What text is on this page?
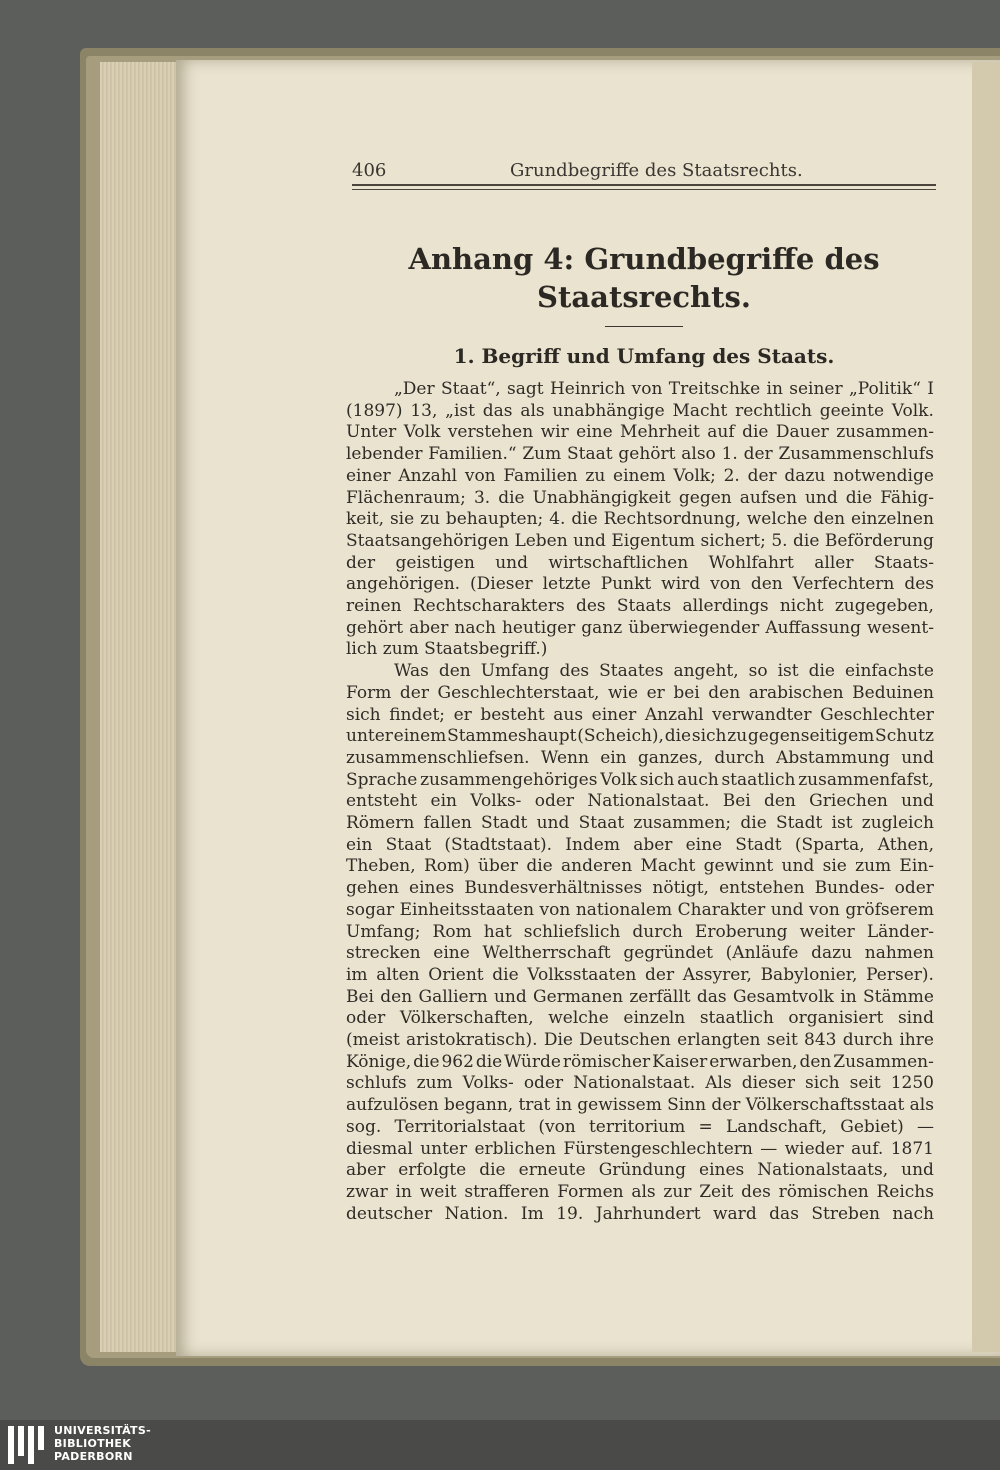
406	Grundbegriffe des Staatsrechts.
Anhang 4: Grundbegriffe des
Staatsrechts.
1. Begriff und Umfang des Staats.
„Der Staat“, sagt Heinrich von Treitschke in seiner „Politik“ I
(1897) 13, „ist das als unabhängige Macht rechtlich geeinte Volk.
Unter Volk verstehen wir eine Mehrheit auf die Dauer zusammen-
lebender Familien.“ Zum Staat gehört also 1. der Zusammenschlufs
einer Anzahl von Familien zu einem Volk; 2. der dazu notwendige
Flächenraum; 3. die Unabhängigkeit gegen aufsen und die Fähig-
keit, sie zu behaupten; 4. die Rechtsordnung, welche den einzelnen
Staatsangehörigen Leben und Eigentum sichert; 5. die Beförderung
der geistigen und wirtschaftlichen Wohlfahrt aller Staats-
angehörigen. (Dieser letzte Punkt wird von den Verfechtern des
reinen Rechtscharakters des Staats allerdings nicht zugegeben,
gehört aber nach heutiger ganz überwiegender Auffassung wesent-
lich zum Staatsbegriff.)
Was den Umfang des Staates angeht, so ist die einfachste
Form der Geschlechterstaat, wie er bei den arabischen Beduinen
sich findet; er besteht aus einer Anzahl verwandter Geschlechter
unter einem Stammeshaupt (Scheich), die sich zu gegenseitigem Schutz
zusammenschliefsen. Wenn ein ganzes, durch Abstammung und
Sprache zusammengehöriges Volk sich auch staatlich zusammenfafst,
entsteht ein Volks- oder Nationalstaat. Bei den Griechen und
Römern fallen Stadt und Staat zusammen; die Stadt ist zugleich
ein Staat (Stadtstaat). Indem aber eine Stadt (Sparta, Athen,
Theben, Rom) über die anderen Macht gewinnt und sie zum Ein-
gehen eines Bundesverhältnisses nötigt, entstehen Bundes- oder
sogar Einheitsstaaten von nationalem Charakter und von gröfserem
Umfang; Rom hat schliefslich durch Eroberung weiter Länder-
strecken eine Weltherrschaft gegründet (Anläufe dazu nahmen
im alten Orient die Volksstaaten der Assyrer, Babylonier, Perser).
Bei den Galliern und Germanen zerfällt das Gesamtvolk in Stämme
oder Völkerschaften, welche einzeln staatlich organisiert sind
(meist aristokratisch). Die Deutschen erlangten seit 843 durch ihre
Könige, die 962 die Würde römischer Kaiser erwarben, den Zusammen-
schlufs zum Volks- oder Nationalstaat. Als dieser sich seit 1250
aufzulösen begann, trat in gewissem Sinn der Völkerschaftsstaat als
sog. Territorialstaat (von territorium = Landschaft, Gebiet) —
diesmal unter erblichen Fürstengeschlechtern — wieder auf. 1871
aber erfolgte die erneute Gründung eines Nationalstaats, und
zwar in weit strafferen Formen als zur Zeit des römischen Reichs
deutscher Nation. Im 19. Jahrhundert ward das Streben nach
UNIVERSITÄTS-
BIBLIOTHEK
PADERBORN
